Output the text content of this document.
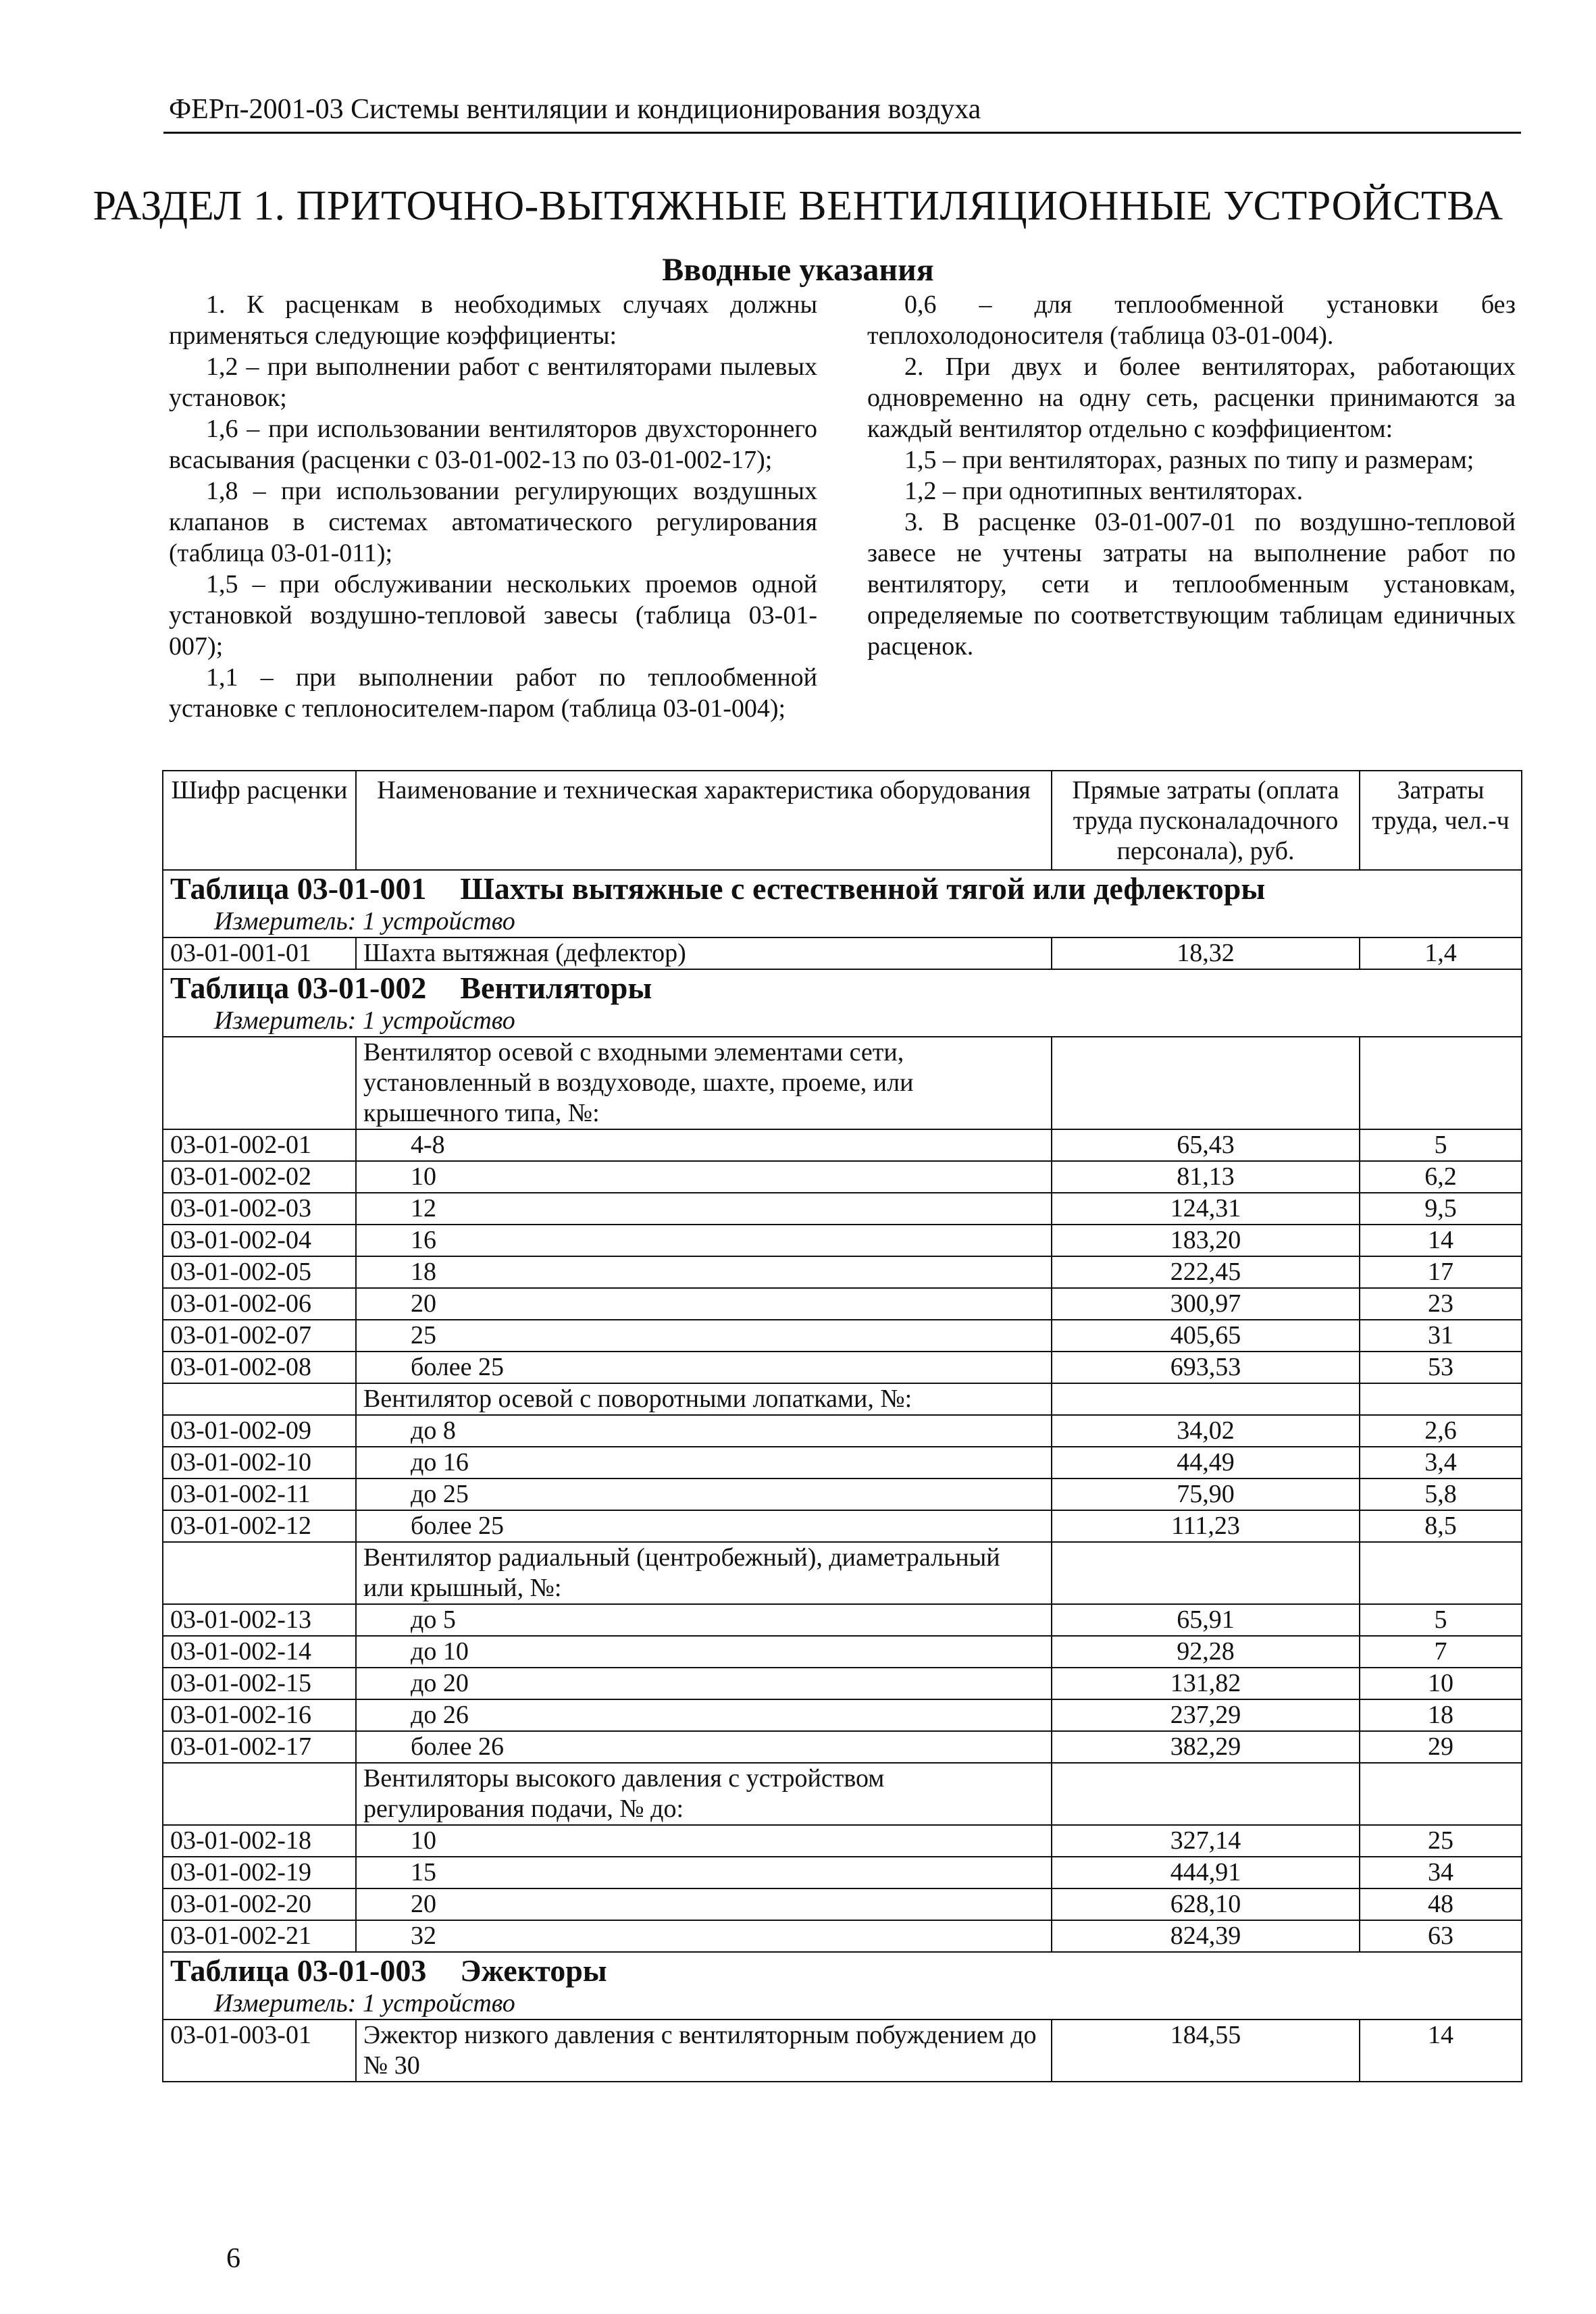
ФЕРп-2001-03 Системы вентиляции и кондиционирования воздуха
РАЗДЕЛ 1. ПРИТОЧНО-ВЫТЯЖНЫЕ ВЕНТИЛЯЦИОННЫЕ УСТРОЙСТВА
Вводные указания

1. К расценкам в необходимых случаях должны применяться следующие коэффициенты:

1,2 – при выполнении работ с вентиляторами пылевых установок;

1,6 – при использовании вентиляторов двухстороннего всасывания (расценки с 03-01-002-13 по 03-01-002-17);

1,8 – при использовании регулирующих воздушных клапанов в системах автоматического регулирования (таблица 03-01-011);

1,5 – при обслуживании нескольких проемов одной установкой воздушно-тепловой завесы (таблица 03-01-007);

1,1 – при выполнении работ по теплообменной установке с теплоносителем-паром (таблица 03-01-004);

0,6 – для теплообменной установки без теплохолодоносителя (таблица 03-01-004).

2. При двух и более вентиляторах, работающих одновременно на одну сеть, расценки принимаются за каждый вентилятор отдельно с коэффициентом:

1,5 – при вентиляторах, разных по типу и размерам;

1,2 – при однотипных вентиляторах.

3. В расценке 03-01-007-01 по воздушно-тепловой завесе не учтены затраты на выполнение работ по вентилятору, сети и теплообменным установкам, определяемые по соответствующим таблицам единичных расценок.

Шифр расценки	Наименование и техническая характеристика оборудования	Прямые затраты (оплата труда пусконаладочного персонала), руб.	Затраты труда, чел.-ч
Таблица 03-01-001 Шахты вытяжные с естественной тягой или дефлекторы			
Измеритель: 1 устройство			
03-01-001-01	Шахта вытяжная (дефлектор)	18,32	1,4
Таблица 03-01-002 Вентиляторы			
Измеритель: 1 устройство			
	Вентилятор осевой с входными элементами сети, установленный в воздуховоде, шахте, проеме, или крышечного типа, №:		
03-01-002-01	4-8	65,43	5
03-01-002-02	10	81,13	6,2
03-01-002-03	12	124,31	9,5
03-01-002-04	16	183,20	14
03-01-002-05	18	222,45	17
03-01-002-06	20	300,97	23
03-01-002-07	25	405,65	31
03-01-002-08	более 25	693,53	53
	Вентилятор осевой с поворотными лопатками, №:		
03-01-002-09	до 8	34,02	2,6
03-01-002-10	до 16	44,49	3,4
03-01-002-11	до 25	75,90	5,8
03-01-002-12	более 25	111,23	8,5
	Вентилятор радиальный (центробежный), диаметральный или крышный, №:		
03-01-002-13	до 5	65,91	5
03-01-002-14	до 10	92,28	7
03-01-002-15	до 20	131,82	10
03-01-002-16	до 26	237,29	18
03-01-002-17	более 26	382,29	29
	Вентиляторы высокого давления с устройством регулирования подачи, № до:		
03-01-002-18	10	327,14	25
03-01-002-19	15	444,91	34
03-01-002-20	20	628,10	48
03-01-002-21	32	824,39	63
Таблица 03-01-003 Эжекторы			
Измеритель: 1 устройство			
03-01-003-01	Эжектор низкого давления с вентиляторным побуждением до № 30	184,55	14
6
